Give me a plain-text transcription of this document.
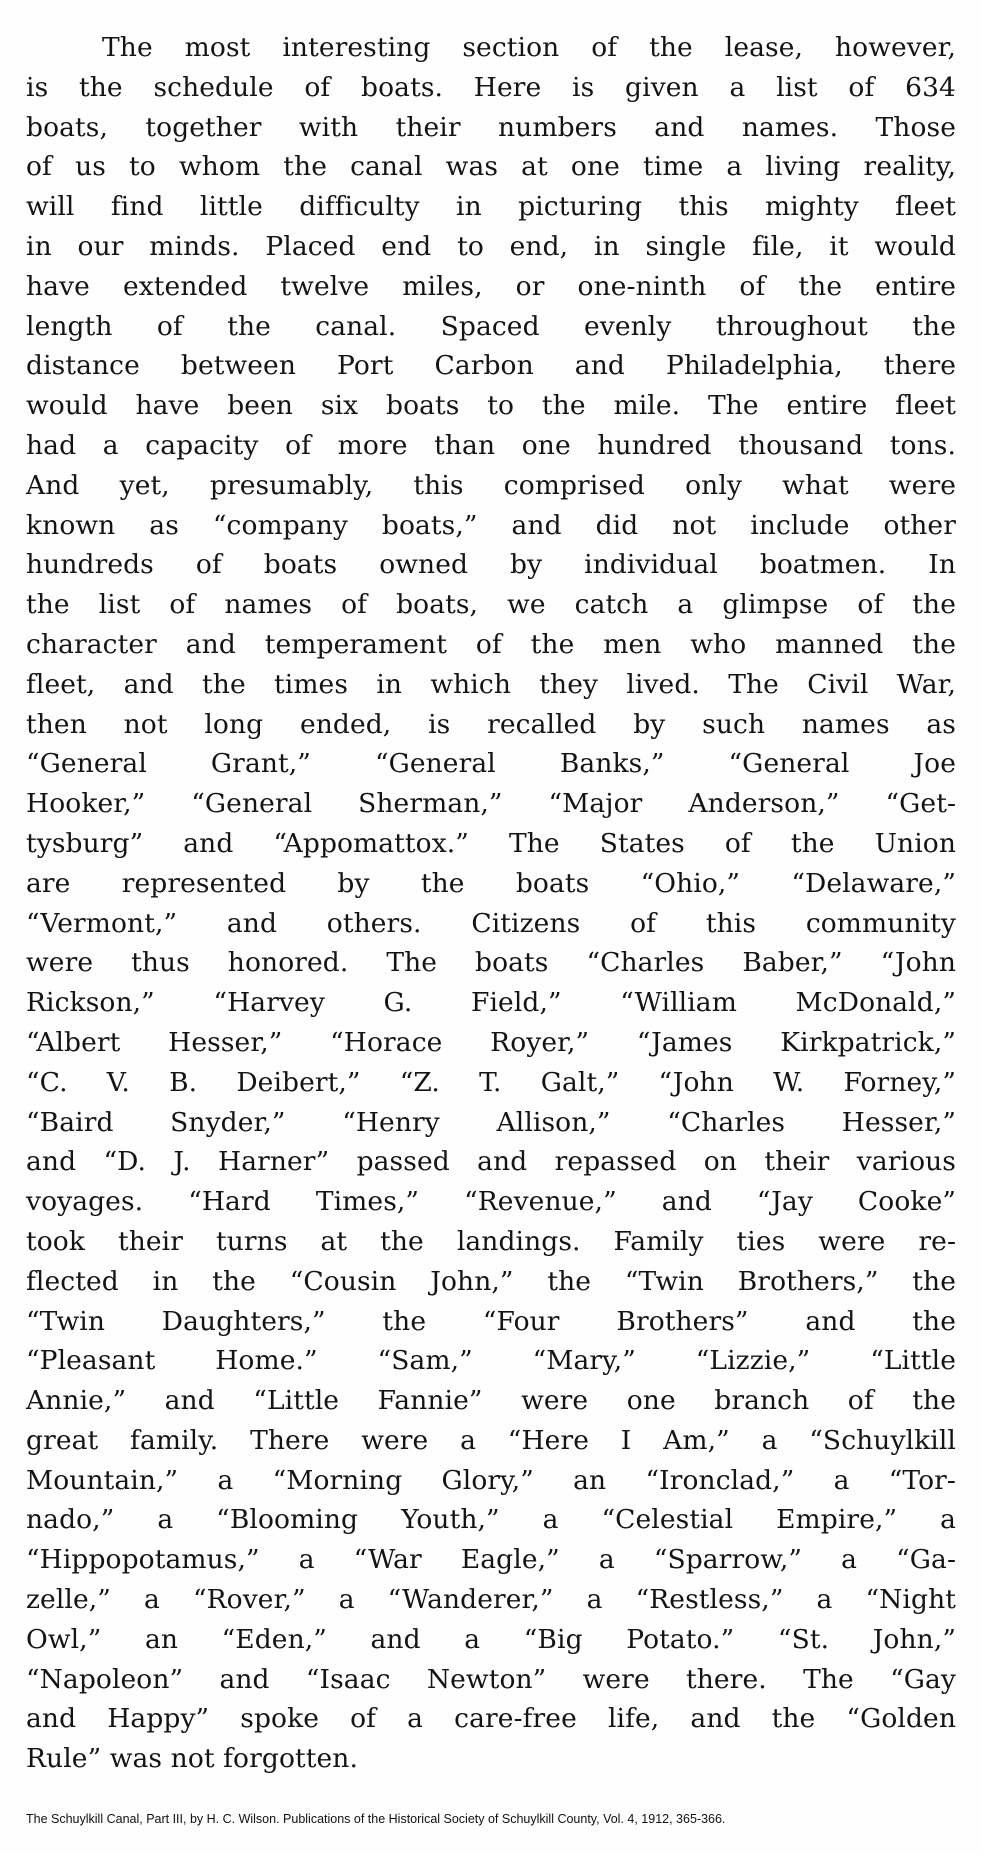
The most interesting section of the lease, however,
is the schedule of boats. Here is given a list of 634
boats, together with their numbers and names. Those
of us to whom the canal was at one time a living reality,
will find little difficulty in picturing this mighty fleet
in our minds. Placed end to end, in single file, it would
have extended twelve miles, or one-ninth of the entire
length of the canal. Spaced evenly throughout the
distance between Port Carbon and Philadelphia, there
would have been six boats to the mile. The entire fleet
had a capacity of more than one hundred thousand tons.
And yet, presumably, this comprised only what were
known as “company boats,” and did not include other
hundreds of boats owned by individual boatmen. In
the list of names of boats, we catch a glimpse of the
character and temperament of the men who manned the
fleet, and the times in which they lived. The Civil War,
then not long ended, is recalled by such names as
“General Grant,” “General Banks,” “General Joe
Hooker,” “General Sherman,” “Major Anderson,” “Get-
tysburg” and “Appomattox.” The States of the Union
are represented by the boats “Ohio,” “Delaware,”
“Vermont,” and others. Citizens of this community
were thus honored. The boats “Charles Baber,” “John
Rickson,” “Harvey G. Field,” “William McDonald,”
“Albert Hesser,” “Horace Royer,” “James Kirkpatrick,”
“C. V. B. Deibert,” “Z. T. Galt,” “John W. Forney,”
“Baird Snyder,” “Henry Allison,” “Charles Hesser,”
and “D. J. Harner” passed and repassed on their various
voyages. “Hard Times,” “Revenue,” and “Jay Cooke”
took their turns at the landings. Family ties were re-
flected in the “Cousin John,” the “Twin Brothers,” the
“Twin Daughters,” the “Four Brothers” and the
“Pleasant Home.” “Sam,” “Mary,” “Lizzie,” “Little
Annie,” and “Little Fannie” were one branch of the
great family. There were a “Here I Am,” a “Schuylkill
Mountain,” a “Morning Glory,” an “Ironclad,” a “Tor-
nado,” a “Blooming Youth,” a “Celestial Empire,” a
“Hippopotamus,” a “War Eagle,” a “Sparrow,” a “Ga-
zelle,” a “Rover,” a “Wanderer,” a “Restless,” a “Night
Owl,” an “Eden,” and a “Big Potato.” “St. John,”
“Napoleon” and “Isaac Newton” were there. The “Gay
and Happy” spoke of a care-free life, and the “Golden
Rule” was not forgotten.
The Schuylkill Canal, Part III, by H. C. Wilson. Publications of the Historical Society of Schuylkill County, Vol. 4, 1912, 365-366.
